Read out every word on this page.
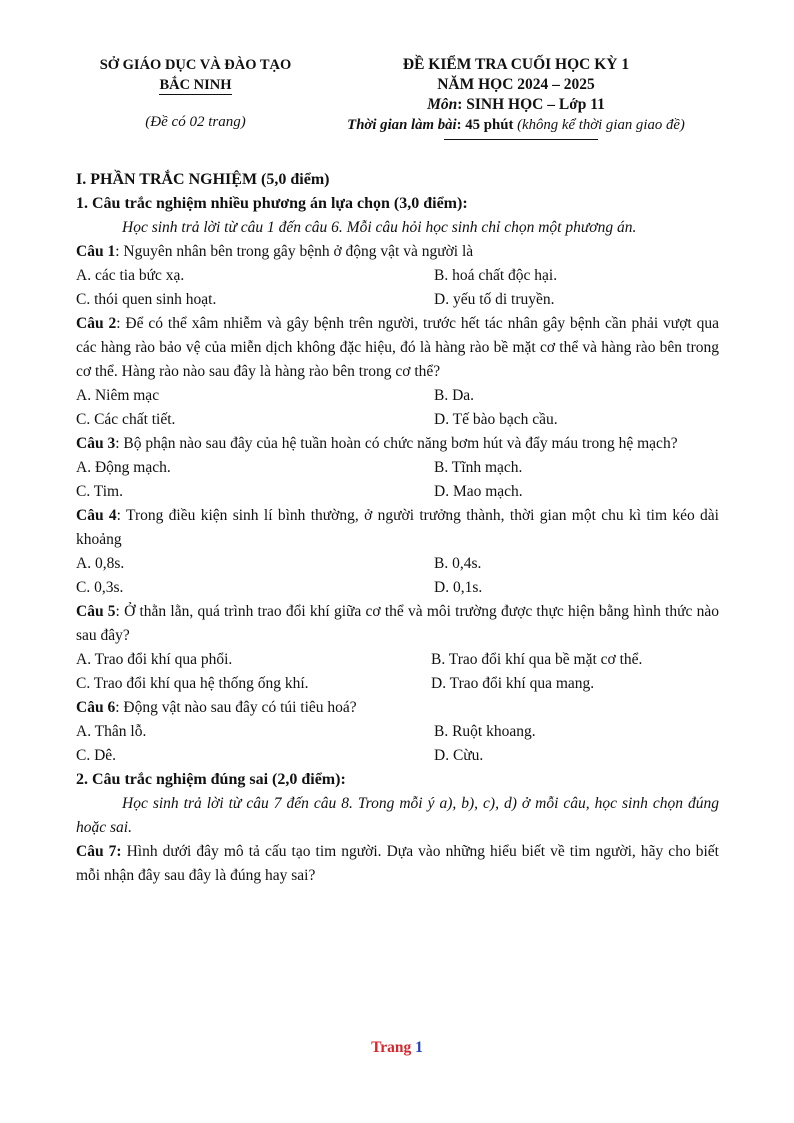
SỞ GIÁO DỤC VÀ ĐÀO TẠO
BẮC NINH
(Đề có 02 trang)
ĐỀ KIỂM TRA CUỐI HỌC KỲ 1
NĂM HỌC 2024 – 2025
Môn: SINH HỌC – Lớp 11
Thời gian làm bài: 45 phút (không kể thời gian giao đề)
I. PHẦN TRẮC NGHIỆM (5,0 điểm)
1. Câu trắc nghiệm nhiều phương án lựa chọn (3,0 điểm):
Học sinh trả lời từ câu 1 đến câu 6. Mỗi câu hỏi học sinh chỉ chọn một phương án.
Câu 1: Nguyên nhân bên trong gây bệnh ở động vật và người là
A. các tia bức xạ.	B. hoá chất độc hại.
C. thói quen sinh hoạt.	D. yếu tố di truyền.
Câu 2: Để có thể xâm nhiễm và gây bệnh trên người, trước hết tác nhân gây bệnh cần phải vượt qua các hàng rào bảo vệ của miễn dịch không đặc hiệu, đó là hàng rào bề mặt cơ thể và hàng rào bên trong cơ thể. Hàng rào nào sau đây là hàng rào bên trong cơ thể?
A. Niêm mạc	B. Da.
C. Các chất tiết.	D. Tế bào bạch cầu.
Câu 3: Bộ phận nào sau đây của hệ tuần hoàn có chức năng bơm hút và đẩy máu trong hệ mạch?
A. Động mạch.	B. Tĩnh mạch.
C. Tim.	D. Mao mạch.
Câu 4: Trong điều kiện sinh lí bình thường, ở người trưởng thành, thời gian một chu kì tim kéo dài khoảng
A. 0,8s.	B. 0,4s.
C. 0,3s.	D. 0,1s.
Câu 5: Ở thằn lằn, quá trình trao đổi khí giữa cơ thể và môi trường được thực hiện bằng hình thức nào sau đây?
A. Trao đổi khí qua phổi.	B. Trao đổi khí qua bề mặt cơ thể.
C. Trao đổi khí qua hệ thống ống khí.	D. Trao đổi khí qua mang.
Câu 6: Động vật nào sau đây có túi tiêu hoá?
A. Thân lỗ.	B. Ruột khoang.
C. Dê.	D. Cừu.
2. Câu trắc nghiệm đúng sai (2,0 điểm):
Học sinh trả lời từ câu 7 đến câu 8. Trong mỗi ý a), b), c), d) ở mỗi câu, học sinh chọn đúng hoặc sai.
Câu 7: Hình dưới đây mô tả cấu tạo tim người. Dựa vào những hiểu biết về tim người, hãy cho biết mỗi nhận đây sau đây là đúng hay sai?
Trang 1
